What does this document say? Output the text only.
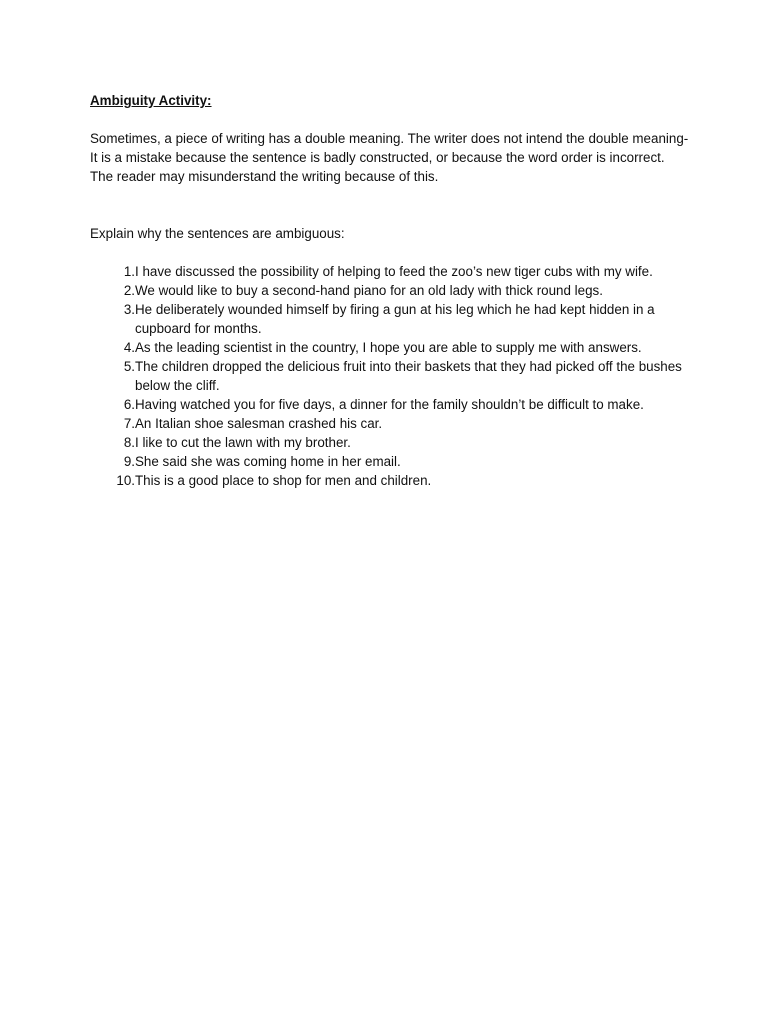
Ambiguity Activity:

Sometimes, a piece of writing has a double meaning. The writer does not intend the double meaning- It is a mistake because the sentence is badly constructed, or because the word order is incorrect. The reader may misunderstand the writing because of this.

Explain why the sentences are ambiguous:

1. I have discussed the possibility of helping to feed the zoo’s new tiger cubs with my wife.
2. We would like to buy a second-hand piano for an old lady with thick round legs.
3. He deliberately wounded himself by firing a gun at his leg which he had kept hidden in a cupboard for months.
4. As the leading scientist in the country, I hope you are able to supply me with answers.
5. The children dropped the delicious fruit into their baskets that they had picked off the bushes below the cliff.
6. Having watched you for five days, a dinner for the family shouldn’t be difficult to make.
7. An Italian shoe salesman crashed his car.
8. I like to cut the lawn with my brother.
9. She said she was coming home in her email.
10. This is a good place to shop for men and children.
